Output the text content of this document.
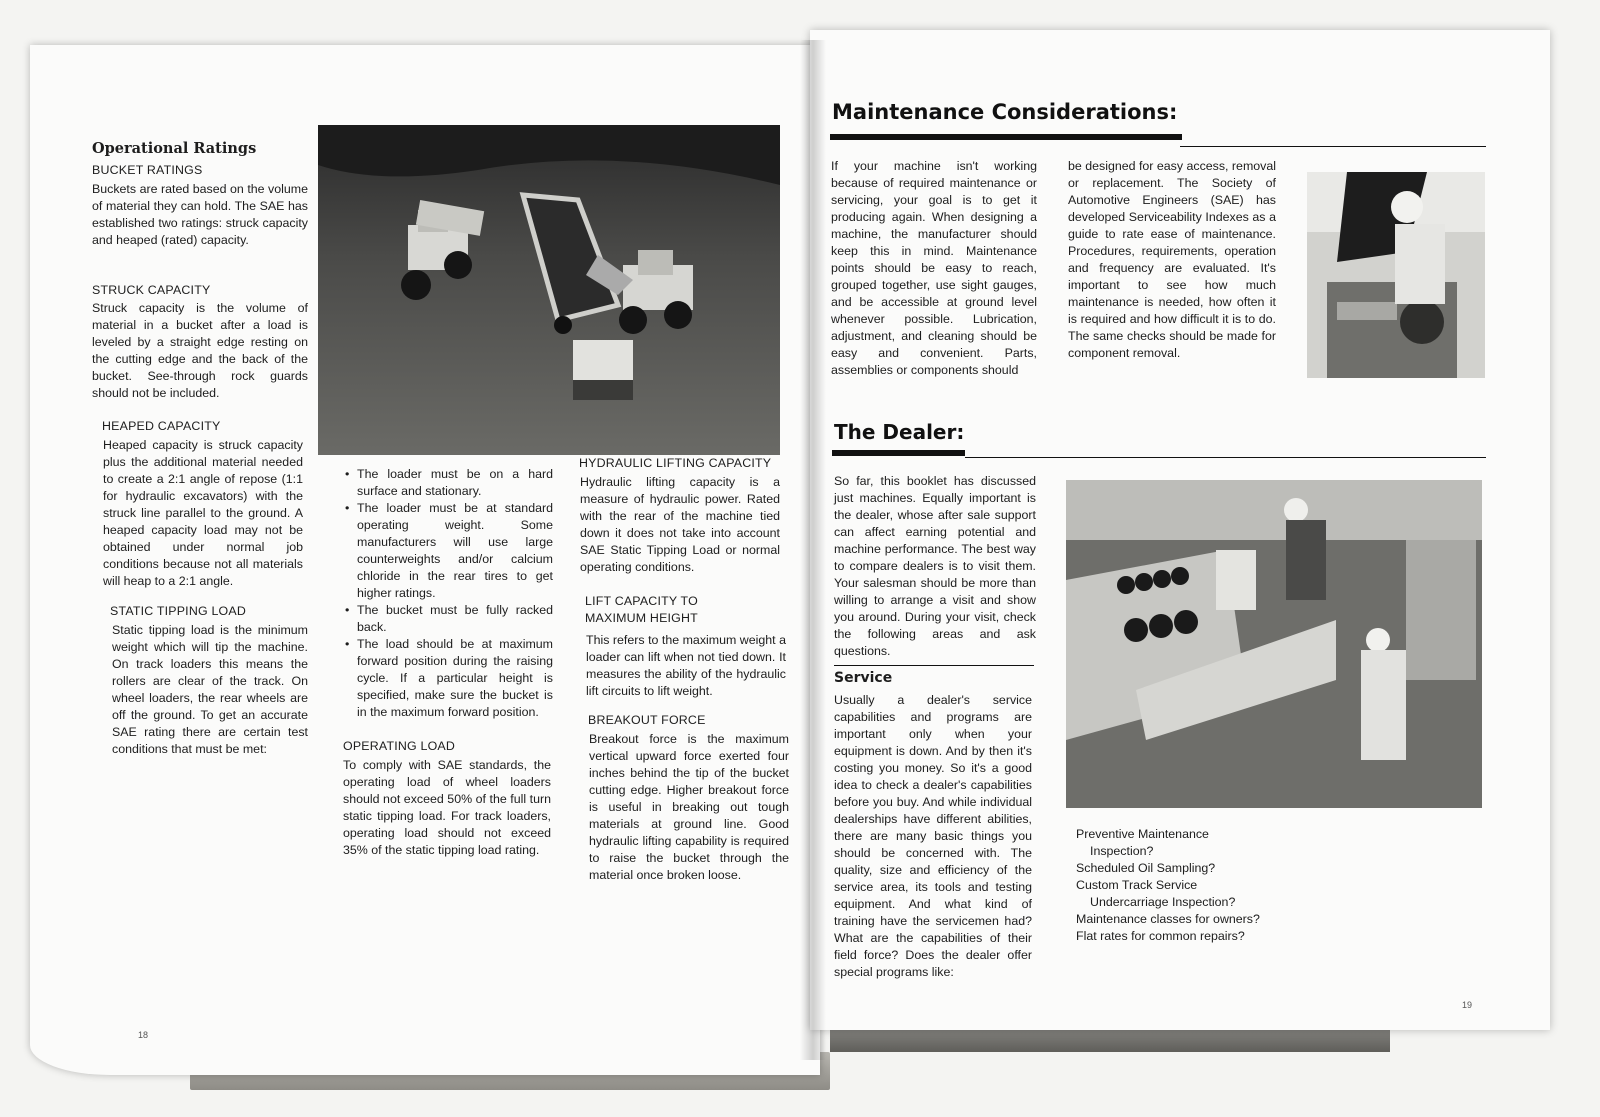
Operational Ratings
BUCKET RATINGS
Buckets are rated based on the volume of material they can hold. The SAE has established two ratings: struck capacity and heaped (rated) capacity.
STRUCK CAPACITY
Struck capacity is the volume of material in a bucket after a load is leveled by a straight edge resting on the cutting edge and the back of the bucket. See-through rock guards should not be included.
HEAPED CAPACITY
Heaped capacity is struck capacity plus the additional material needed to create a 2:1 angle of repose (1:1 for hydraulic excavators) with the struck line parallel to the ground. A heaped capacity load may not be obtained under normal job conditions because not all materials will heap to a 2:1 angle.
STATIC TIPPING LOAD
Static tipping load is the minimum weight which will tip the machine. On track loaders this means the rollers are clear of the track. On wheel loaders, the rear wheels are off the ground. To get an accurate SAE rating there are certain test conditions that must be met:
• The loader must be on a hard surface and stationary.
• The loader must be at standard operating weight. Some manufacturers will use large counterweights and/or calcium chloride in the rear tires to get higher ratings.
• The bucket must be fully racked back.
• The load should be at maximum forward position during the raising cycle. If a particular height is specified, make sure the bucket is in the maximum forward position.
OPERATING LOAD
To comply with SAE standards, the operating load of wheel loaders should not exceed 50% of the full turn static tipping load. For track loaders, operating load should not exceed 35% of the static tipping load rating.
HYDRAULIC LIFTING CAPACITY
Hydraulic lifting capacity is a measure of hydraulic power. Rated with the rear of the machine tied down it does not take into account SAE Static Tipping Load or normal operating conditions.
LIFT CAPACITY TO
MAXIMUM HEIGHT
This refers to the maximum weight a loader can lift when not tied down. It measures the ability of the hydraulic lift circuits to lift weight.
BREAKOUT FORCE
Breakout force is the maximum vertical upward force exerted four inches behind the tip of the bucket cutting edge. Higher breakout force is useful in breaking out tough materials at ground line. Good hydraulic lifting capability is required to raise the bucket through the material once broken loose.
18
Maintenance Considerations:
If your machine isn't working because of required maintenance or servicing, your goal is to get it producing again. When designing a machine, the manufacturer should keep this in mind. Maintenance points should be easy to reach, grouped together, use sight gauges, and be accessible at ground level whenever possible. Lubrication, adjustment, and cleaning should be easy and convenient. Parts, assemblies or components should
be designed for easy access, removal or replacement. The Society of Automotive Engineers (SAE) has developed Serviceability Indexes as a guide to rate ease of maintenance. Procedures, requirements, operation and frequency are evaluated. It's important to see how much maintenance is needed, how often it is required and how difficult it is to do. The same checks should be made for component removal.
The Dealer:
So far, this booklet has discussed just machines. Equally important is the dealer, whose after sale support can affect earning potential and machine performance. The best way to compare dealers is to visit them. Your salesman should be more than willing to arrange a visit and show you around. During your visit, check the following areas and ask questions.
Service
Usually a dealer's service capabilities and programs are important only when your equipment is down. And by then it's costing you money. So it's a good idea to check a dealer's capabilities before you buy. And while individual dealerships have different abilities, there are many basic things you should be concerned with. The quality, size and efficiency of the service area, its tools and testing equipment. And what kind of training have the servicemen had? What are the capabilities of their field force? Does the dealer offer special programs like:
Preventive Maintenance
Inspection?
Scheduled Oil Sampling?
Custom Track Service
Undercarriage Inspection?
Maintenance classes for owners?
Flat rates for common repairs?
19
